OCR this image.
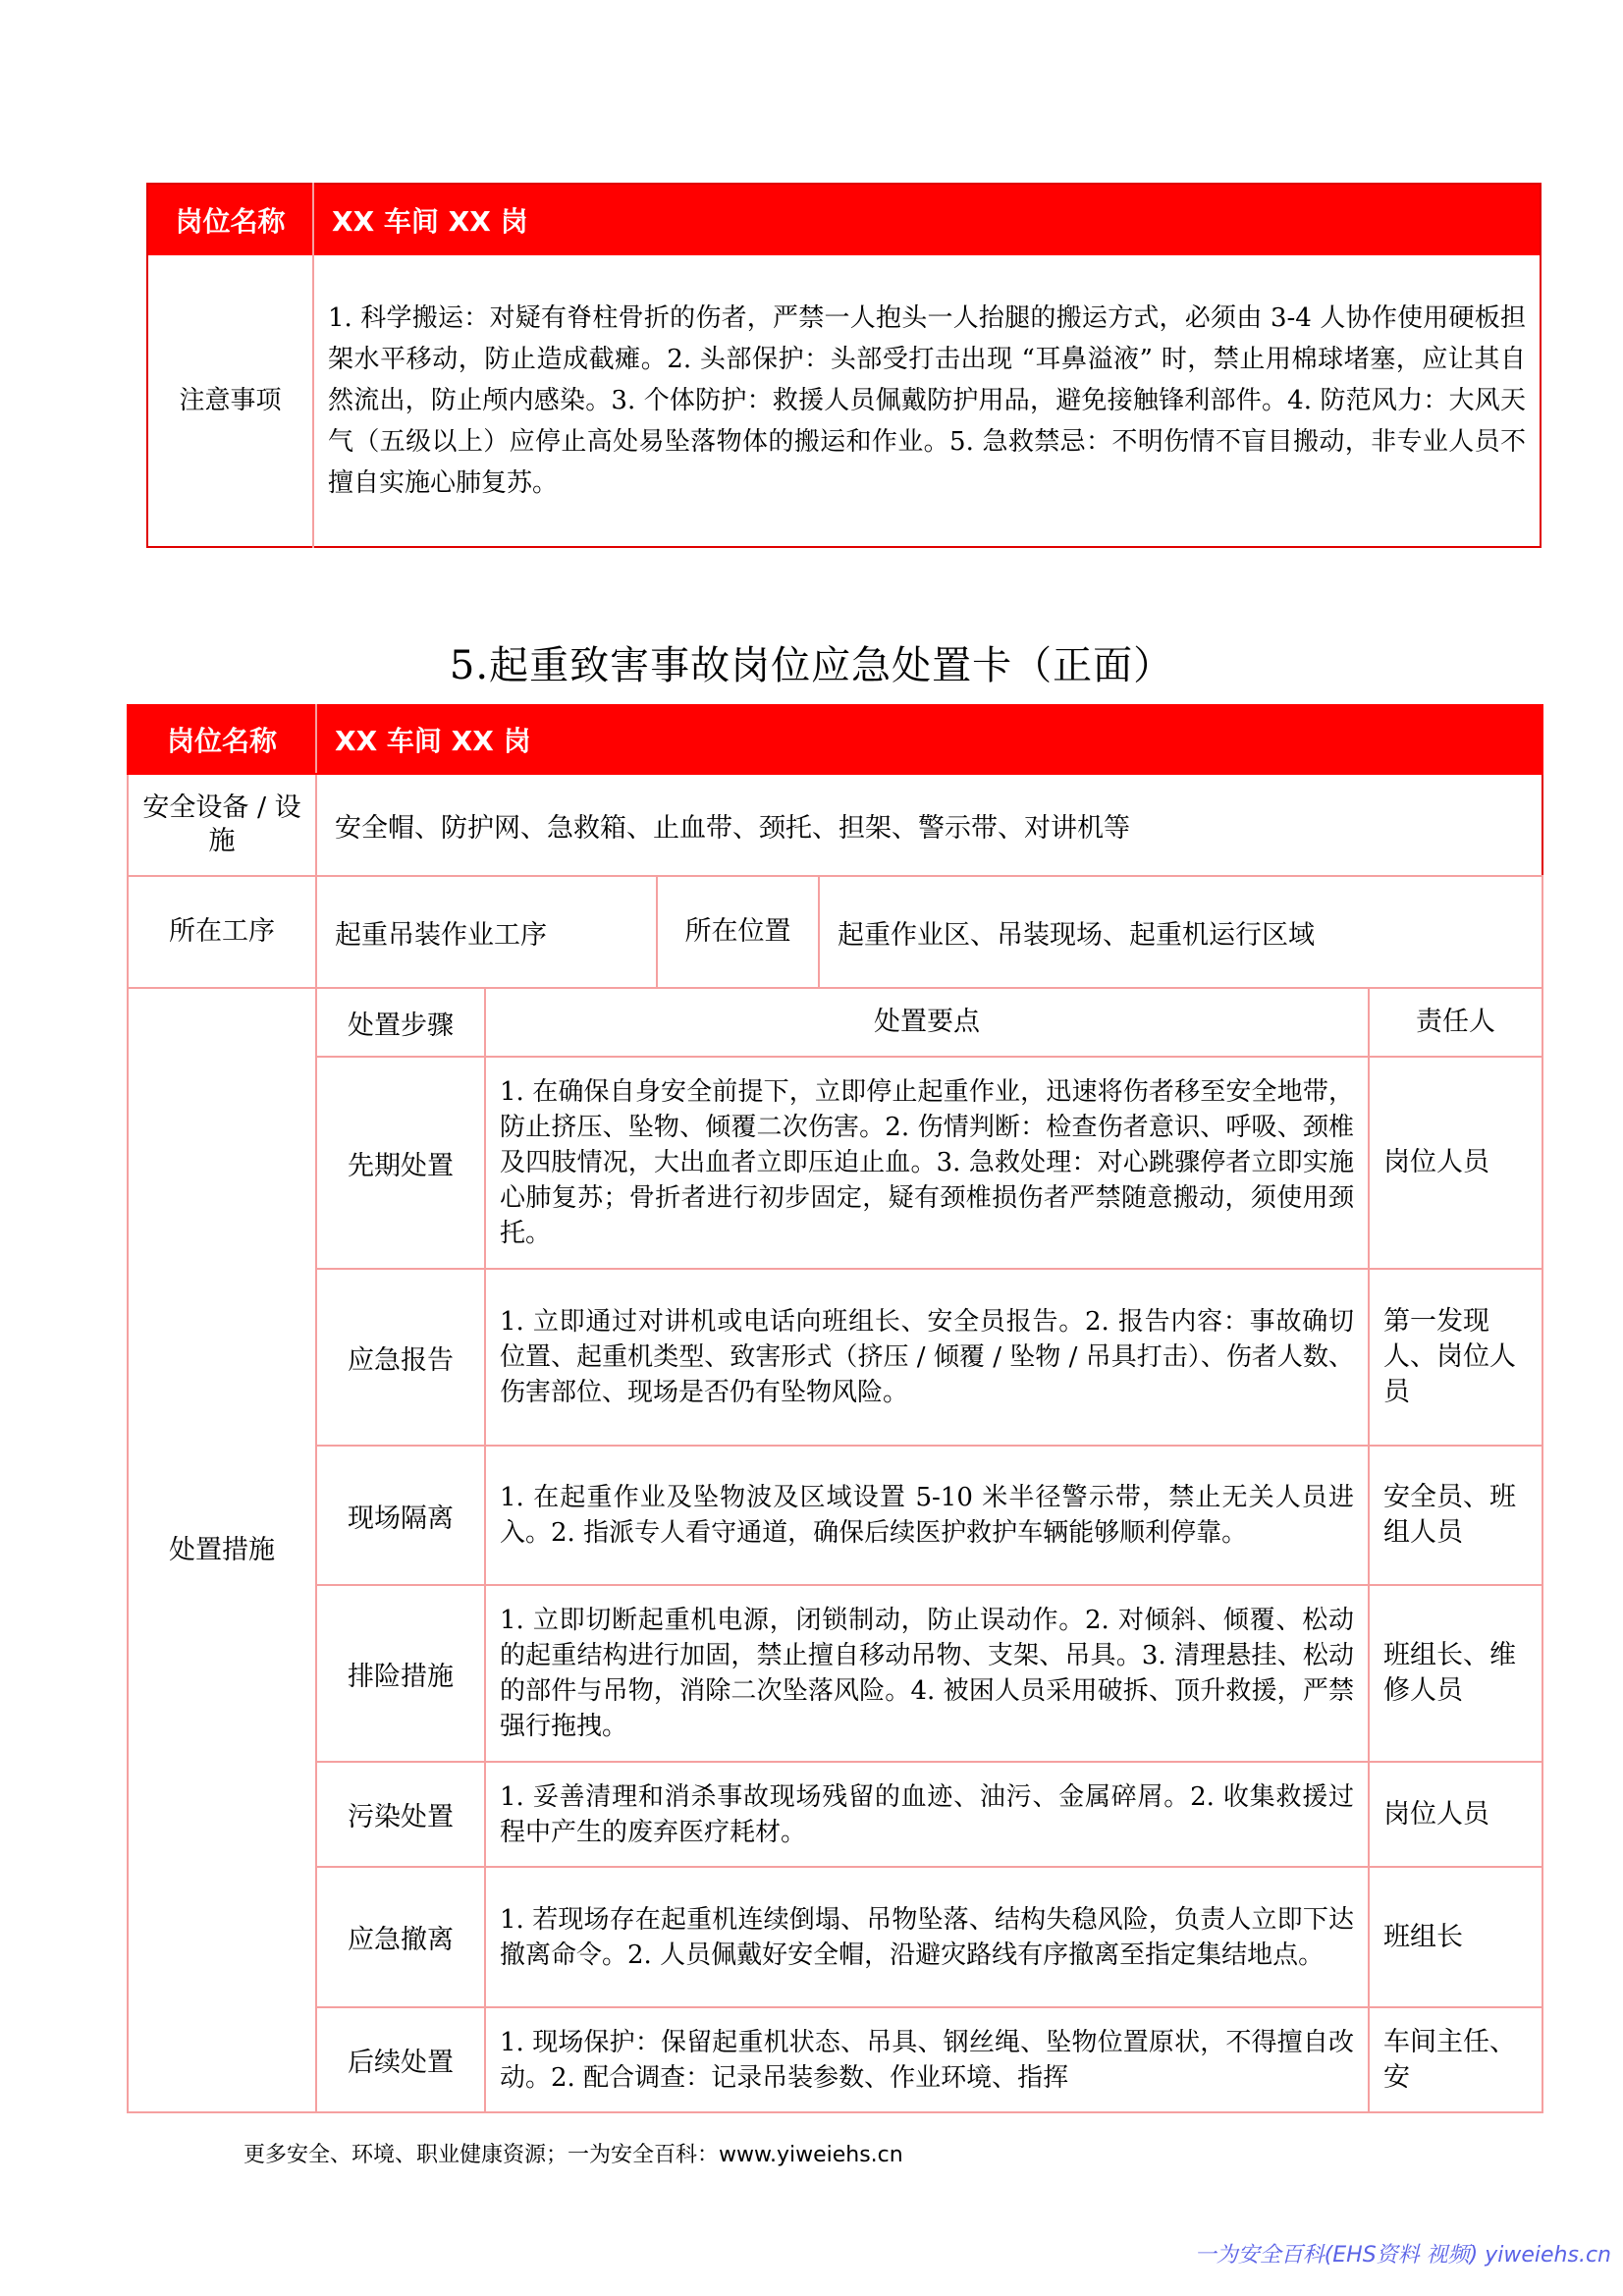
岗位名称	XX 车间 XX 岗
注意事项	1. 科学搬运：对疑有脊柱骨折的伤者，严禁一人抱头一人抬腿的搬运方式，必须由 3-4 人协作使用硬板担架水平移动，防止造成截瘫。2. 头部保护：头部受打击出现 “耳鼻溢液” 时，禁止用棉球堵塞，应让其自然流出，防止颅内感染。3. 个体防护：救援人员佩戴防护用品，避免接触锋利部件。4. 防范风力：大风天气（五级以上）应停止高处易坠落物体的搬运和作业。5. 急救禁忌：不明伤情不盲目搬动，非专业人员不擅自实施心肺复苏。
5.起重致害事故岗位应急处置卡（正面）
岗位名称	XX 车间 XX 岗				
安全设备 / 设施	安全帽、防护网、急救箱、止血带、颈托、担架、警示带、对讲机等				
所在工序	起重吊装作业工序		所在位置	起重作业区、吊装现场、起重机运行区域	
处置措施	处置步骤	处置要点			责任人
	先期处置	1. 在确保自身安全前提下，立即停止起重作业，迅速将伤者移至安全地带，防止挤压、坠物、倾覆二次伤害。2. 伤情判断：检查伤者意识、呼吸、颈椎及四肢情况，大出血者立即压迫止血。3. 急救处理：对心跳骤停者立即实施心肺复苏；骨折者进行初步固定，疑有颈椎损伤者严禁随意搬动，须使用颈托。			岗位人员
	应急报告	1. 立即通过对讲机或电话向班组长、安全员报告。2. 报告内容：事故确切位置、起重机类型、致害形式（挤压 / 倾覆 / 坠物 / 吊具打击）、伤者人数、伤害部位、现场是否仍有坠物风险。			第一发现人、岗位人员
	现场隔离	1. 在起重作业及坠物波及区域设置 5-10 米半径警示带，禁止无关人员进入。2. 指派专人看守通道，确保后续医护救护车辆能够顺利停靠。			安全员、班组人员
	排险措施	1. 立即切断起重机电源，闭锁制动，防止误动作。2. 对倾斜、倾覆、松动的起重结构进行加固，禁止擅自移动吊物、支架、吊具。3. 清理悬挂、松动的部件与吊物，消除二次坠落风险。4. 被困人员采用破拆、顶升救援，严禁强行拖拽。			班组长、维修人员
	污染处置	1. 妥善清理和消杀事故现场残留的血迹、油污、金属碎屑。2. 收集救援过程中产生的废弃医疗耗材。			岗位人员
	应急撤离	1. 若现场存在起重机连续倒塌、吊物坠落、结构失稳风险，负责人立即下达撤离命令。2. 人员佩戴好安全帽，沿避灾路线有序撤离至指定集结地点。			班组长
	后续处置	1. 现场保护：保留起重机状态、吊具、钢丝绳、坠物位置原状，不得擅自改动。2. 配合调查：记录吊装参数、作业环境、指挥			车间主任、安
更多安全、环境、职业健康资源；一为安全百科：www.yiweiehs.cn
一为安全百科(EHS资料 视频) yiweiehs.cn
